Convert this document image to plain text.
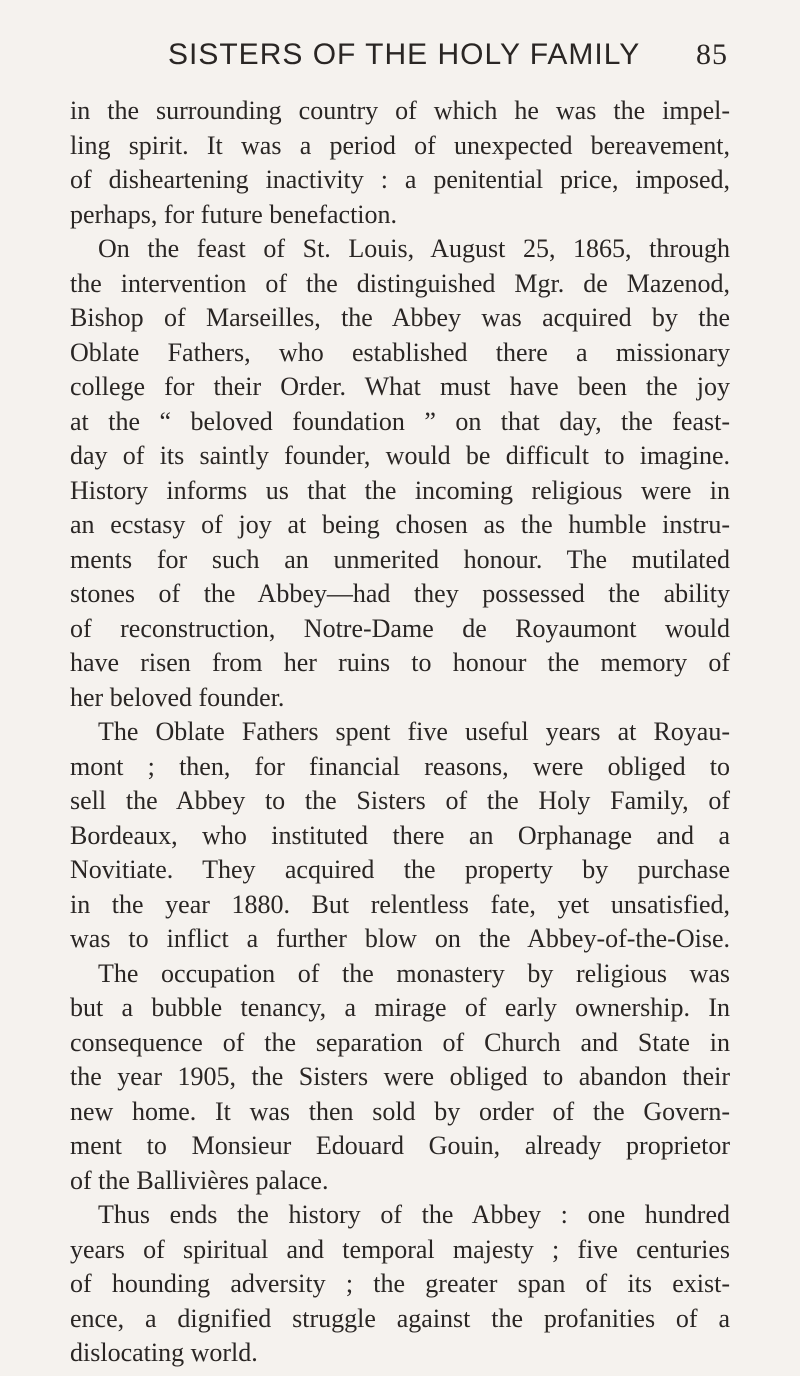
SISTERS OF THE HOLY FAMILY 85
in the surrounding country of which he was the impel-
ling spirit. It was a period of unexpected bereavement,
of disheartening inactivity : a penitential price, imposed,
perhaps, for future benefaction.
On the feast of St. Louis, August 25, 1865, through
the intervention of the distinguished Mgr. de Mazenod,
Bishop of Marseilles, the Abbey was acquired by the
Oblate Fathers, who established there a missionary
college for their Order. What must have been the joy
at the “ beloved foundation ” on that day, the feast-
day of its saintly founder, would be difficult to imagine.
History informs us that the incoming religious were in
an ecstasy of joy at being chosen as the humble instru-
ments for such an unmerited honour. The mutilated
stones of the Abbey—had they possessed the ability
of reconstruction, Notre-Dame de Royaumont would
have risen from her ruins to honour the memory of
her beloved founder.
The Oblate Fathers spent five useful years at Royau-
mont ; then, for financial reasons, were obliged to
sell the Abbey to the Sisters of the Holy Family, of
Bordeaux, who instituted there an Orphanage and a
Novitiate. They acquired the property by purchase
in the year 1880. But relentless fate, yet unsatisfied,
was to inflict a further blow on the Abbey-of-the-Oise.
The occupation of the monastery by religious was
but a bubble tenancy, a mirage of early ownership. In
consequence of the separation of Church and State in
the year 1905, the Sisters were obliged to abandon their
new home. It was then sold by order of the Govern-
ment to Monsieur Edouard Gouin, already proprietor
of the Ballivières palace.
Thus ends the history of the Abbey : one hundred
years of spiritual and temporal majesty ; five centuries
of hounding adversity ; the greater span of its exist-
ence, a dignified struggle against the profanities of a
dislocating world.
